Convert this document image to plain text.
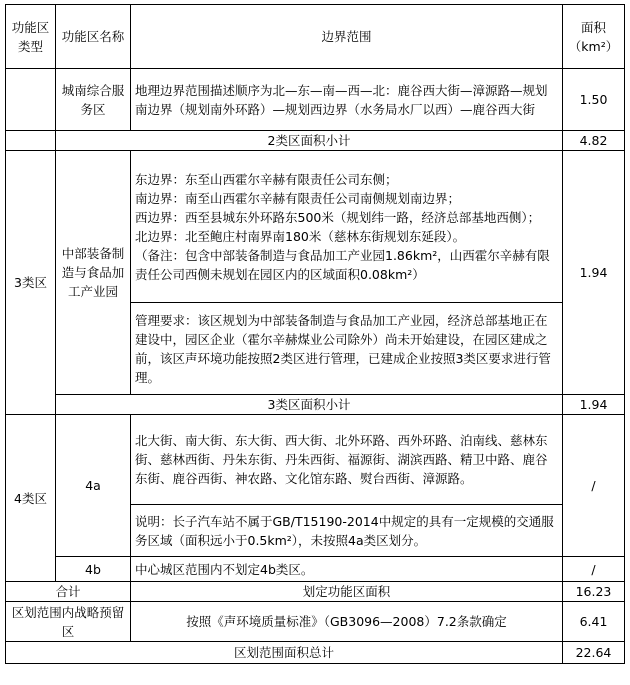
功能区类型	功能区名称	边界范围	面积
（km²）

	城南综合服务区	地理边界范围描述顺序为北—东—南—西—北：鹿谷西大街—漳源路—规划南边界（规划南外环路）—规划西边界（水务局水厂以西）—鹿谷西大街	1.50
	2类区面积小计		4.82
3类区	中部装备制造与食品加工产业园	东边界：东至山西霍尔辛赫有限责任公司东侧；
南边界：南至山西霍尔辛赫有限责任公司南侧规划南边界；
西边界：西至县城东外环路东500米（规划纬一路，经济总部基地西侧）；
北边界：北至鲍庄村南界南180米（慈林东街规划东延段）。
（备注：包含中部装备制造与食品加工产业园1.86km²，山西霍尔辛赫有限责任公司西侧未规划在园区内的区域面积0.08km²）	1.94
		管理要求：该区规划为中部装备制造与食品加工产业园，经济总部基地正在建设中，园区企业（霍尔辛赫煤业公司除外）尚未开始建设，在园区建成之前，该区声环境功能按照2类区进行管理，已建成企业按照3类区要求进行管理。	
	3类区面积小计		1.94
4类区	4a	北大街、南大街、东大街、西大街、北外环路、西外环路、泊南线、慈林东街、慈林西街、丹朱东街、丹朱西街、福源街、湖滨西路、精卫中路、鹿谷东街、鹿谷西街、神农路、文化馆东路、熨台西街、漳源路。	/
		说明：长子汽车站不属于GB/T15190-2014中规定的具有一定规模的交通服务区域（面积远小于0.5km²），未按照4a类区划分。	
	4b	中心城区范围内不划定4b类区。	/
合计		划定功能区面积	16.23
区划范围内战略预留区		按照《声环境质量标准》（GB3096—2008）7.2条款确定	6.41
区划范围面积总计			22.64
